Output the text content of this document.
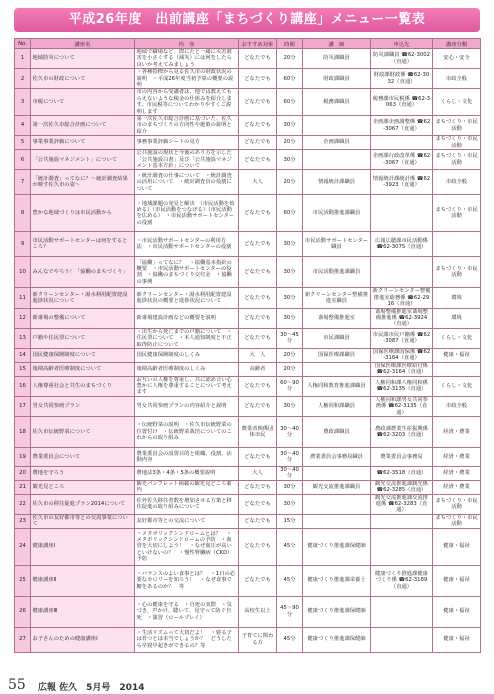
平成26年度　出前講座「まちづくり講座」メニュー一覧表
No.	講座名	内　容	おすすめ対象	時間	講　師	申込先	講座分類
1	地域防災について	地域で職場など、際にたと一緒に災害被害を小さくする（減災）には何をしたら良いか考えてみましょう	どなたでも	20分	防災課職員	防災課職員 ☎62-3002（直通）	安心・安全
2	佐久市の財政について	・各種指標から見る佐久市の財政状況の説明　・平成26年度当初予算の概要の説明	どなたでも	60分	財政課職員	財政課財政係 ☎62-3032（直通）	市政全般
3	市税について	市の内容から受講者は、他では教えてもらえないような税金の仕組みを紹介します。市民税等についてわかりやすくご説明します	どなたでも	60分	税務課職員	税務課市民税係 ☎62-3063（直通）	くらし・文化
4	第一次佐久市総合計画について	第一次佐久市総合計画に基づいた、佐久市のまちづくりの方向性や施策の説明と紹介	どなたでも	30分		企画課企画調整係 ☎62-3067（直通）	まちづくり・市民活動
5	事業事業評価について	事務事業評価シートの見方	どなたでも	20分	企画課職員		まちづくり・市民活動
6	「公共施設マネジメント」について	公共施設の現状と今後のあり方を示した「公共施設白書」及び「公共施設マネジメント基本方針」について	どなたでも	30分		企画課行政改革係 ☎62-3067（直通）	まちづくり・市民活動
7	「統計調査」ってなに？～統計調査結果が映す佐久市の姿～	・統計調査の仕事について　・統計調査の活用について　・統計調査員の役割について	大人	20分	情報統計課職員	情報統計課統計係 ☎62-3923（直通）	市政全般
8	豊かな地域づくりは市民活動から	・地域課題の発見と解決　（市民活動を始める）（市民活動をつなげる）（市民活動を広める）　・市民活動サポートセンターの役割	どなたでも	60分	市民活動推進課職員		まちづくり・市民活動
9	市民活動サポートセンターは何をするところ？	・市民活動サポートセンターの利用方法　・市民活動サポートセンターの役割	どなたでも	30分	市民活動サポートセンター職員	広報広聴課市民活動係 ☎62-3075（直通）	
10	みんなでやろう！「協働のまちづくり」	「協働」ってなに？　・協働基本指針の概要　・市民活動サポートセンターの役割　・協働のまちづくり交付金　・協働の事例	どなたでも	30分	市民活動推進課職員		まちづくり・市民活動
11	新クリーンセンター・湯水利用配置建設進捗状況について	新クリーンセンター・湯水利用配置建設進捗状況の概要と進捗状況について	どなたでも	30分	新クリーンセンター整備推進室職員	新クリーンセンター整備推進室総務係 ☎62-2916（直通）	環境
12	新斎場の整備について	新斎場建設計画などの概要を説明	どなたでも	30分	斎場整備推進室	斎場整備推進室斎場整備推進係 ☎62-3924（直通）	環境
13	戸籍や住民票について	・出生から死亡までの戸籍について　・住民票について　・本人通知制度と不正取得防止について	どなたでも	30～45分	市民課職員	市民課市民戸籍係 ☎62-3087（直通）	くらし・文化
14	国民健康保険制度について	国民健康保険制度のしくみ	大　人	20分	国保医療課職員	国保医療課国保係 ☎62-3164（直通）	健康・福祉
15	後期高齢者医療制度について	後期高齢者医療制度のしくみ	高齢者	20分		国保医療課医療給付係 ☎62-3164（直通）	
16	人権尊重社会と共生のまちづくり	お互いの人権を尊重し、共に認め合い心豊かに人権を尊重することについて考えます	どなたでも	60～90分	人権同和教育推進課職員	人権同和課人権同和係 ☎62-3135（直通）	くらし・文化
17	男女共同参画プラン	男女共同参画プランの内容紹介と説明	どなたでも	30分	人権同和課職員	人権同和課男女共同参画係 ☎62-3135（直通）	市政全般
18	佐久市伝統野菜について	・伝統野菜の説明　・佐久市伝統野菜の位置付け　・伝統野菜栽培についてのこれからの取り組み	農業者関係団体市民	30～40分	農政課職員	農政課農業生産振興係 ☎62-3203（直通）	経済・農業
19	農業委員会について	農業委員会の設置目的と組織、役割、活動内容	どなたでも	30～40分	農業委員会事務局職員	農業委員会事務局	経済・農業
20	農地を守ろう	農地法3条・4条・5条の概要説明	大人	30～40分		☎62-3518（直通）	経済・農業
21	観光見どころ	観光パンフレット掲載の観光見どころ案内	どなたでも	30分	観光交流推進課職員	観光交流推進課観光係 ☎62-3285（直通）	経済・農業
22	佐久市の移住促進プラン2014について	佐外佐久移住者数を増加させる方策と移住促進の取り組みについて	どなたでも	30分		観光交流推進課交流推進係 ☎62-3283（直通）	まちづくり・市民活動
23	佐久市の友好都市等との交流事業について	友好都市等との交流について	どなたでも	15分			まちづくり・市民活動
24	健康講座Ⅰ	・メタボリックシンドロームとは？　・メタボリックシンドロームの予防　・血管を大切にしよう！　・なぜ血圧が高いといけないの？　・慢性腎臓病（CKD）予防	どなたでも	45分	健康づくり推進課保健師		健康・福祉
25	健康講座Ⅱ	・バランスのよい食事とは？　・1日の必要なカロリーを知ろう！　・なぜ食事で糖をあるのか？　等	どなたでも	45分	健康づくり推進課栄養士	健康づくり推進課健康づくり係 ☎62-3189（直通）	健康・福祉
26	健康講座Ⅲ	・心の健康を守る　・自死の実際　・気づき、声かけ、聴いて、見守って防ぐ自死　・演習（ロールプレイ）	高校生以上	45～90分	健康づくり推進課保健師		健康・福祉
27	お子さんのための健康講座Ⅰ	・生活リズムって大切だよ！　・寝る子は育つとは本当でしょうか？　どうしたら早寝早起きができるの？等	子育てに関わる方	45分	健康づくり推進課保健師		健康・福祉
55 広報 佐久　 5月号　2014
